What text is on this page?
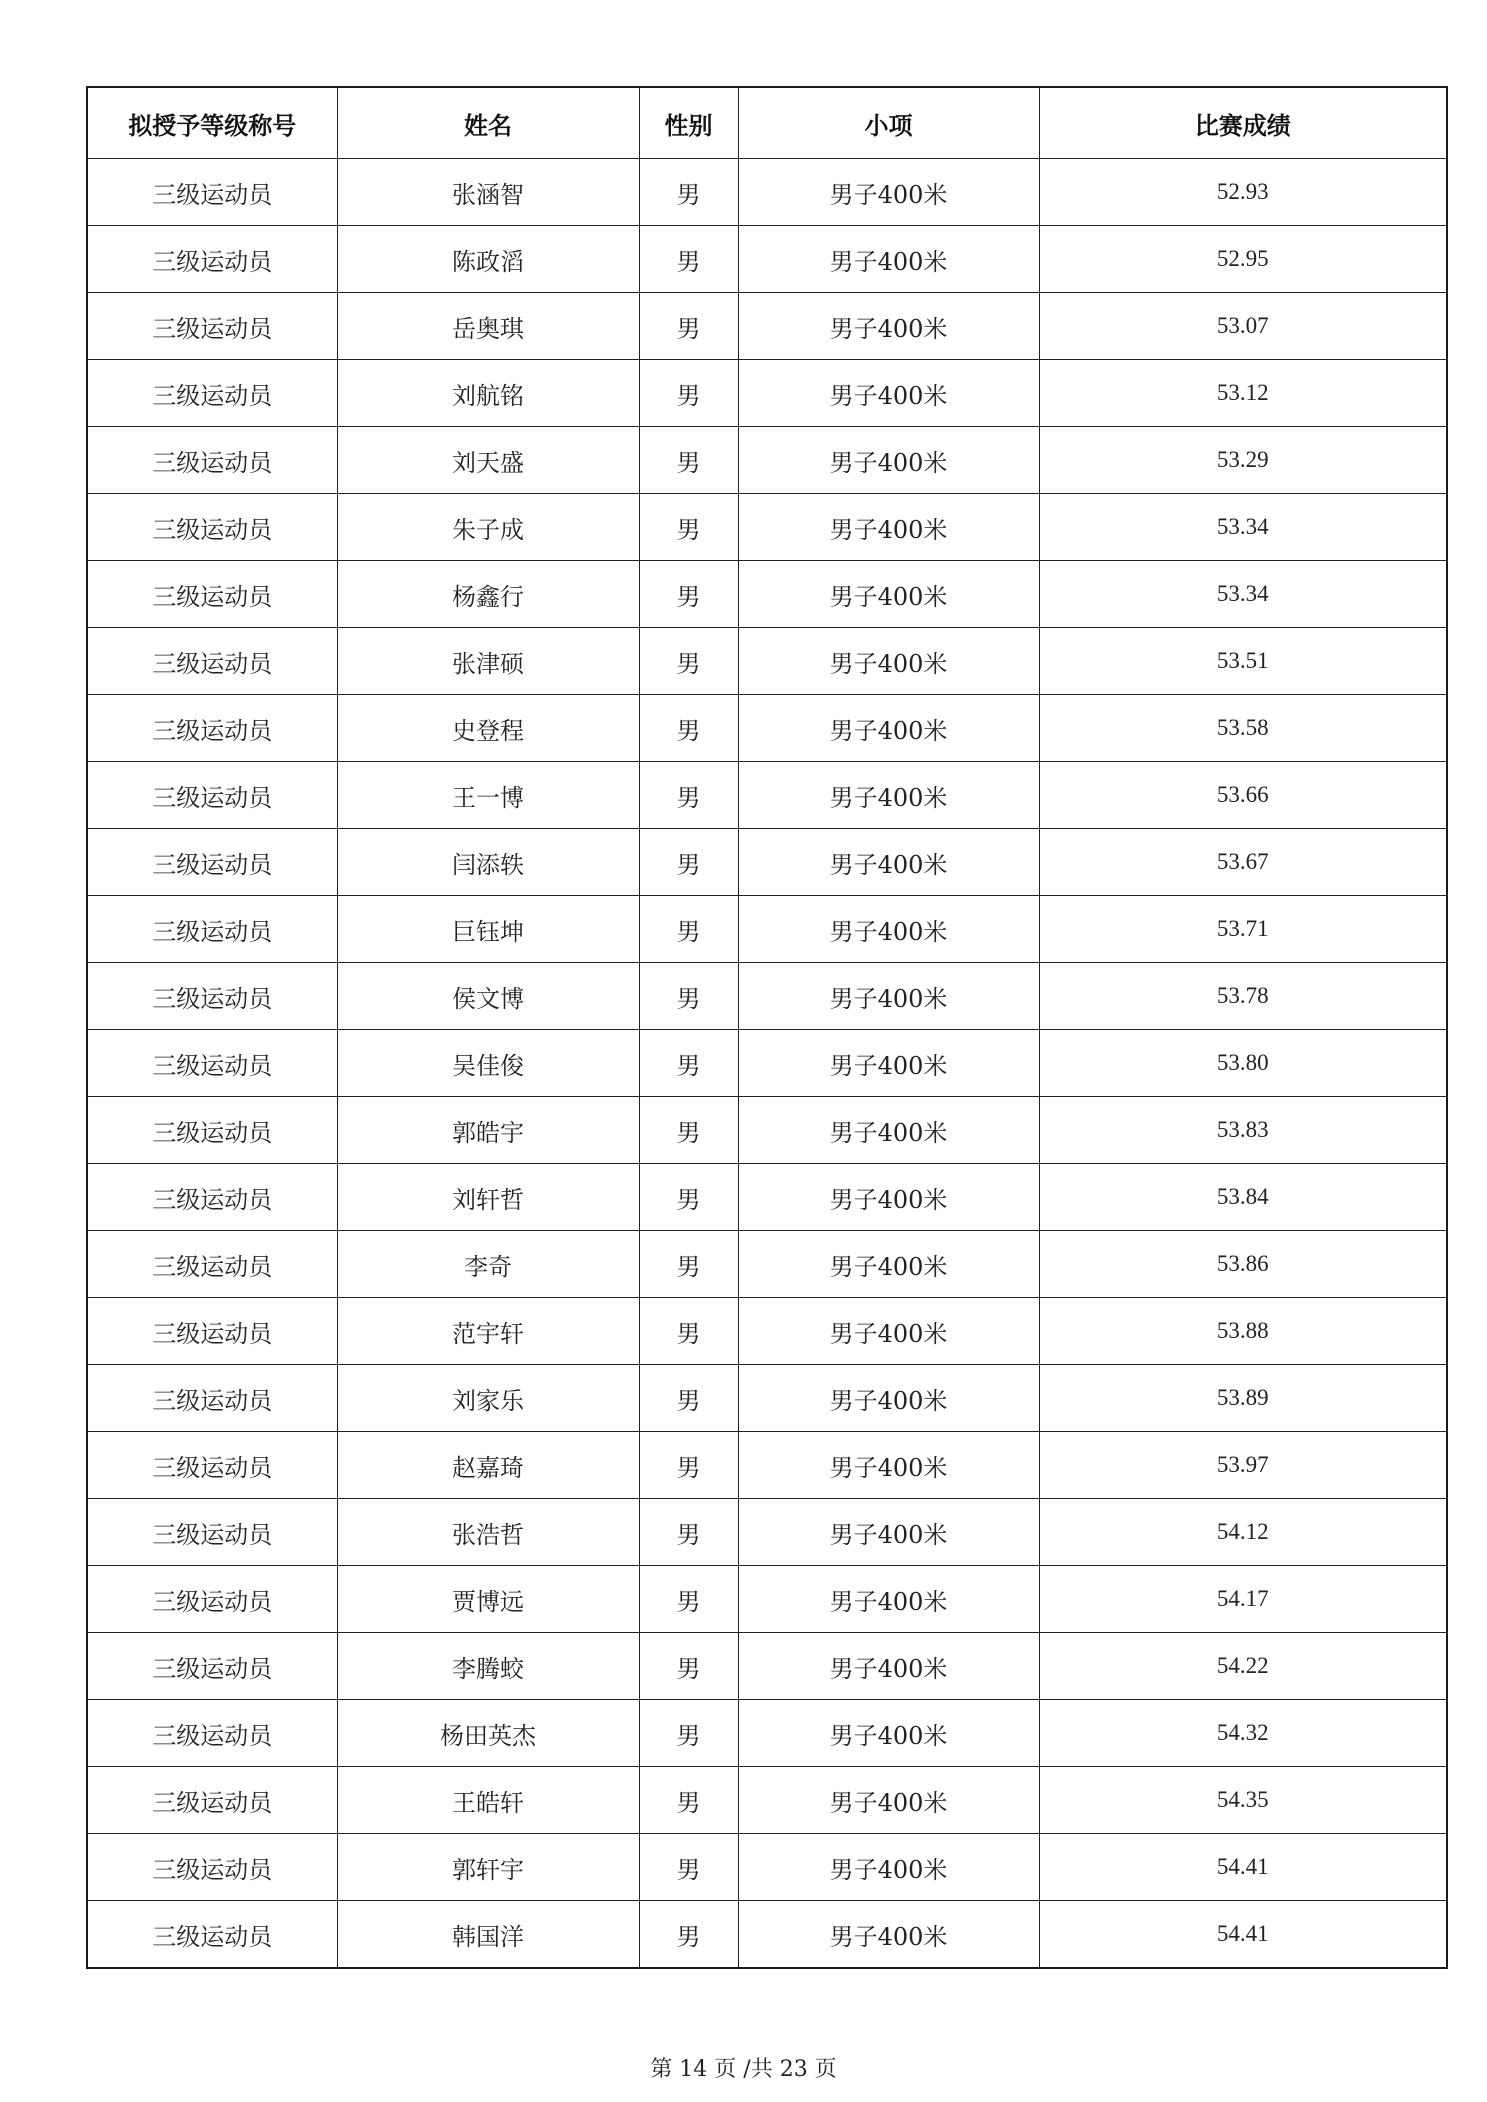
拟授予等级称号	姓名	性别	小项	比赛成绩
三级运动员	张涵智	男	男子400米	52.93
三级运动员	陈政滔	男	男子400米	52.95
三级运动员	岳奥琪	男	男子400米	53.07
三级运动员	刘航铭	男	男子400米	53.12
三级运动员	刘天盛	男	男子400米	53.29
三级运动员	朱子成	男	男子400米	53.34
三级运动员	杨鑫行	男	男子400米	53.34
三级运动员	张津硕	男	男子400米	53.51
三级运动员	史登程	男	男子400米	53.58
三级运动员	王一博	男	男子400米	53.66
三级运动员	闫添轶	男	男子400米	53.67
三级运动员	巨钰坤	男	男子400米	53.71
三级运动员	侯文博	男	男子400米	53.78
三级运动员	吴佳俊	男	男子400米	53.80
三级运动员	郭皓宇	男	男子400米	53.83
三级运动员	刘轩哲	男	男子400米	53.84
三级运动员	李奇	男	男子400米	53.86
三级运动员	范宇轩	男	男子400米	53.88
三级运动员	刘家乐	男	男子400米	53.89
三级运动员	赵嘉琦	男	男子400米	53.97
三级运动员	张浩哲	男	男子400米	54.12
三级运动员	贾博远	男	男子400米	54.17
三级运动员	李腾蛟	男	男子400米	54.22
三级运动员	杨田英杰	男	男子400米	54.32
三级运动员	王皓轩	男	男子400米	54.35
三级运动员	郭轩宇	男	男子400米	54.41
三级运动员	韩国洋	男	男子400米	54.41
第 14 页 /共 23 页
